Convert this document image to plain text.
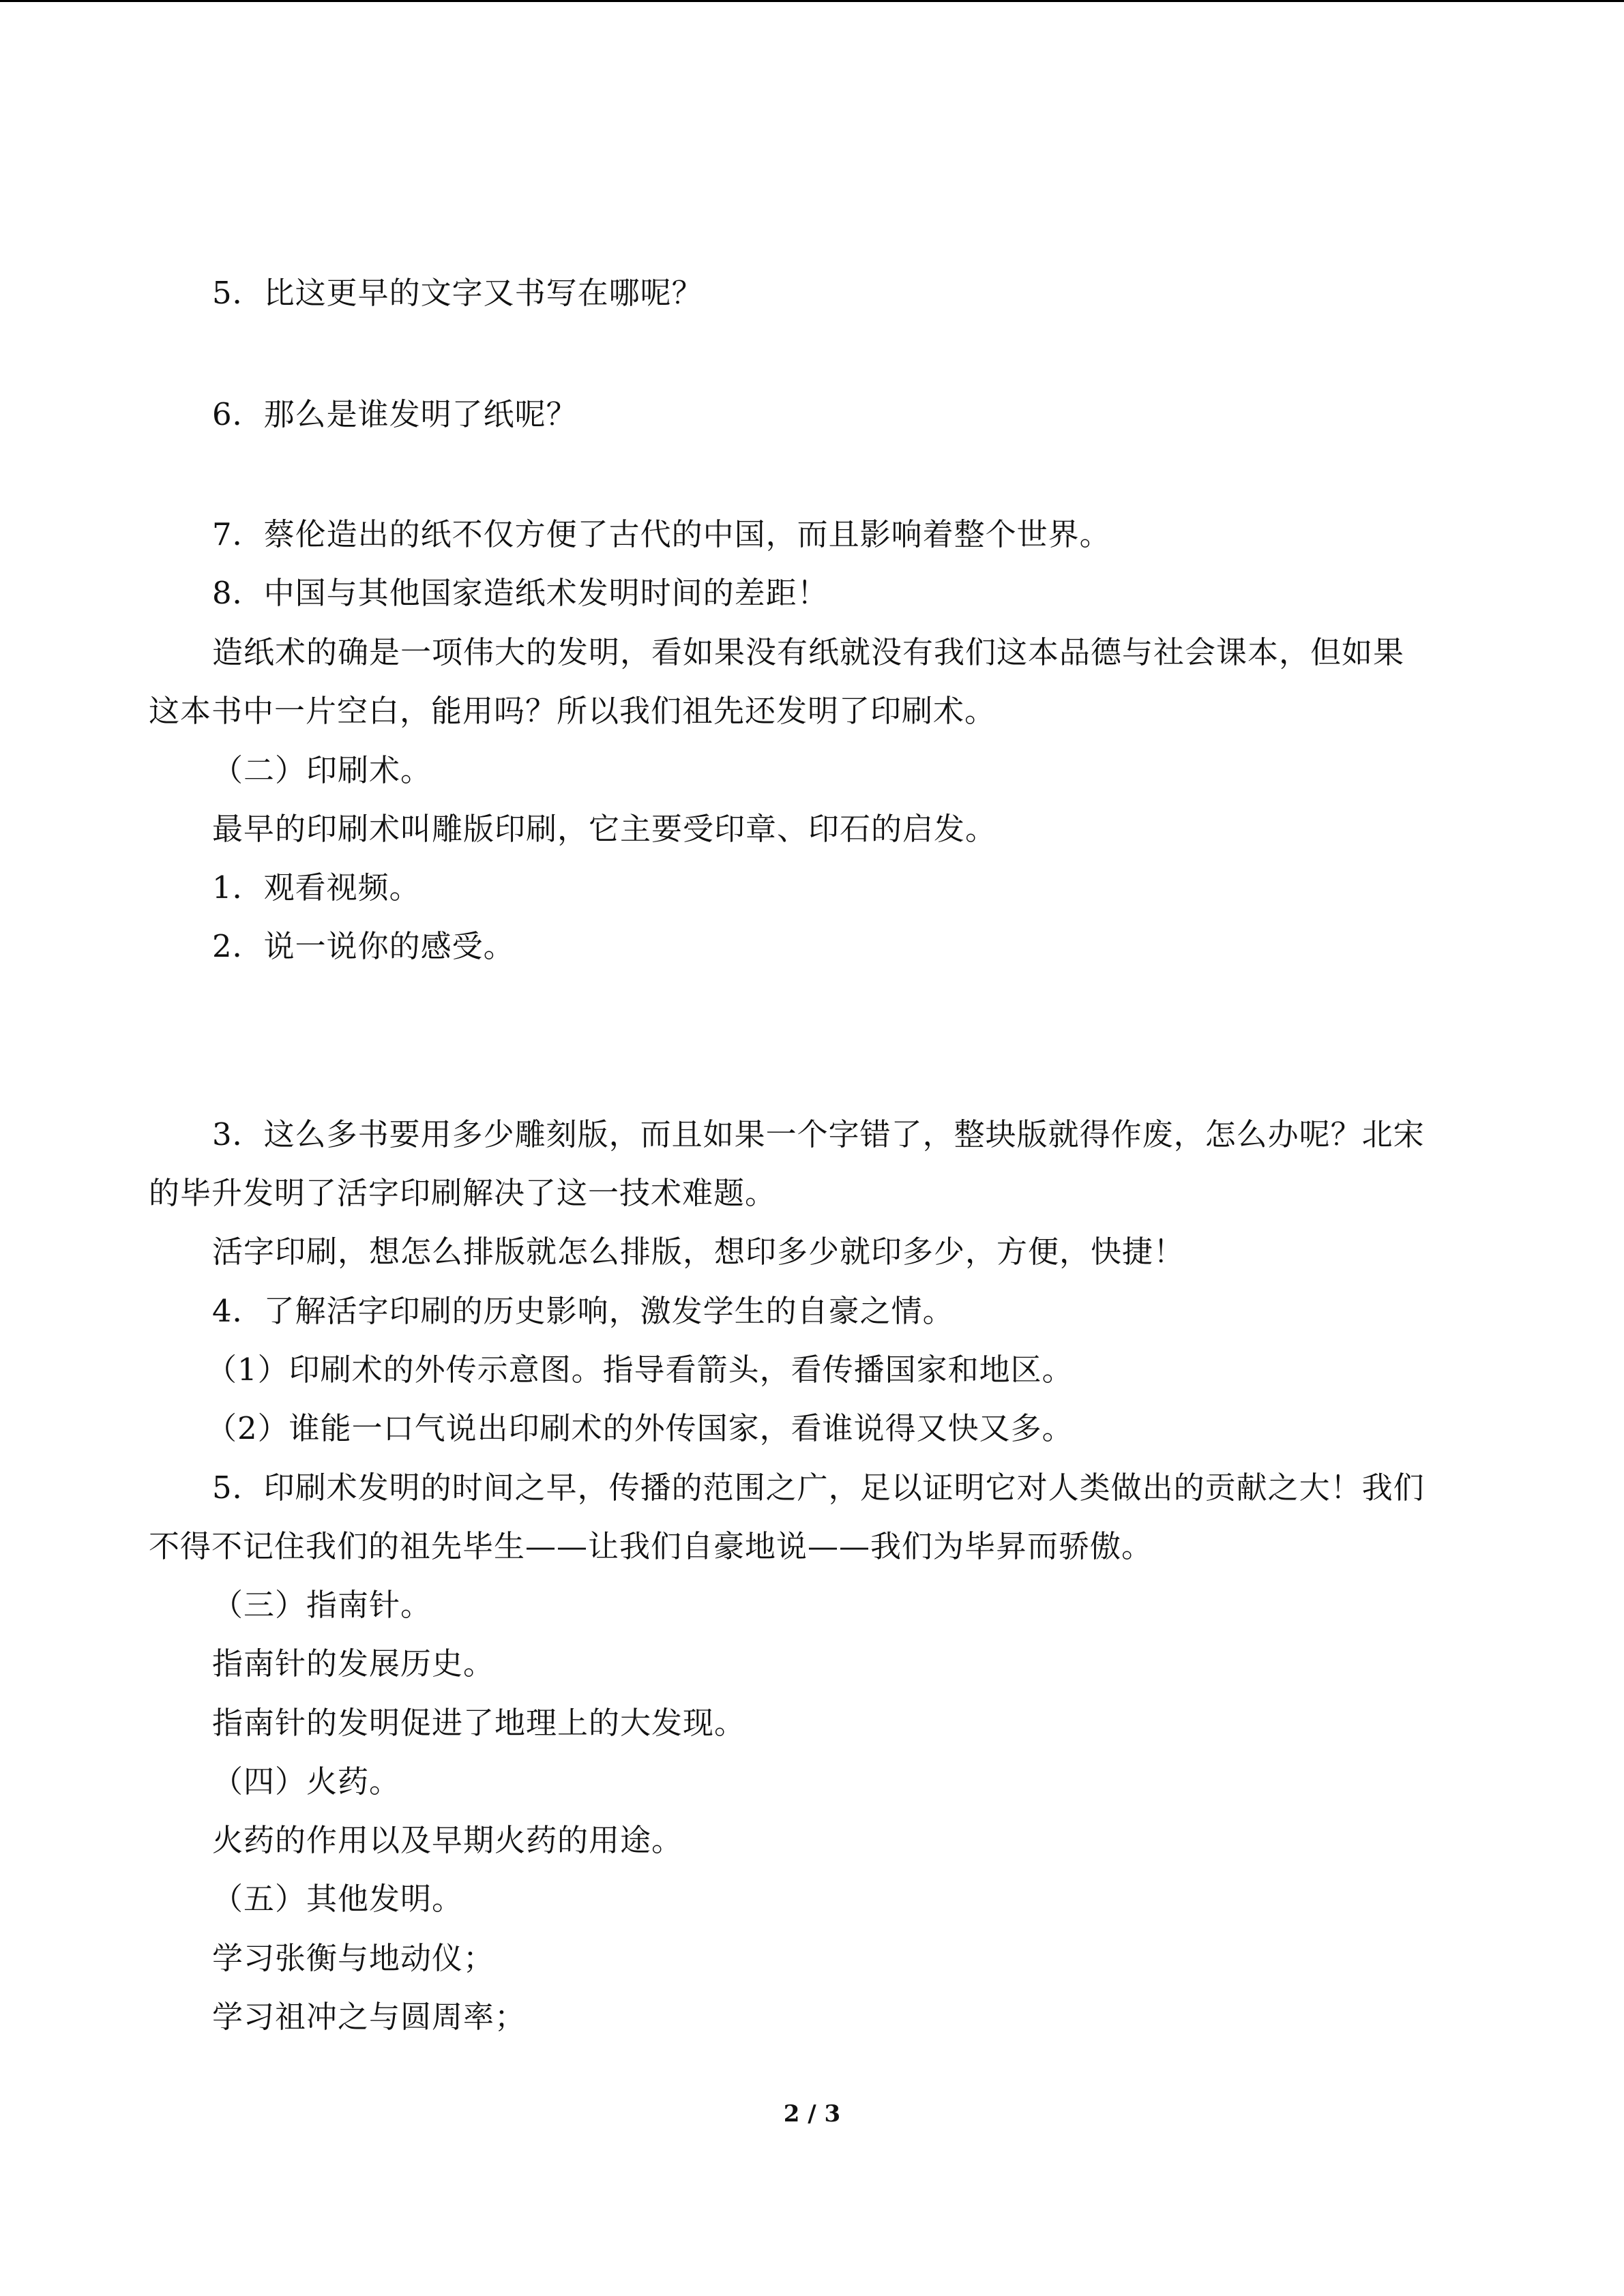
5．比这更早的文字又书写在哪呢？
6．那么是谁发明了纸呢？
7．蔡伦造出的纸不仅方便了古代的中国，而且影响着整个世界。
8．中国与其他国家造纸术发明时间的差距！
造纸术的确是一项伟大的发明，看如果没有纸就没有我们这本品德与社会课本，但如果
这本书中一片空白，能用吗？所以我们祖先还发明了印刷术。
（二）印刷术。
最早的印刷术叫雕版印刷，它主要受印章、印石的启发。
1．观看视频。
2．说一说你的感受。
3．这么多书要用多少雕刻版，而且如果一个字错了，整块版就得作废，怎么办呢？北宋
的毕升发明了活字印刷解决了这一技术难题。
活字印刷，想怎么排版就怎么排版，想印多少就印多少，方便，快捷！
4．了解活字印刷的历史影响，激发学生的自豪之情。
（1）印刷术的外传示意图。指导看箭头，看传播国家和地区。
（2）谁能一口气说出印刷术的外传国家，看谁说得又快又多。
5．印刷术发明的时间之早，传播的范围之广，足以证明它对人类做出的贡献之大！我们
不得不记住我们的祖先毕生——让我们自豪地说——我们为毕昇而骄傲。
（三）指南针。
指南针的发展历史。
指南针的发明促进了地理上的大发现。
（四）火药。
火药的作用以及早期火药的用途。
（五）其他发明。
学习张衡与地动仪；
学习祖冲之与圆周率；
2 / 3
